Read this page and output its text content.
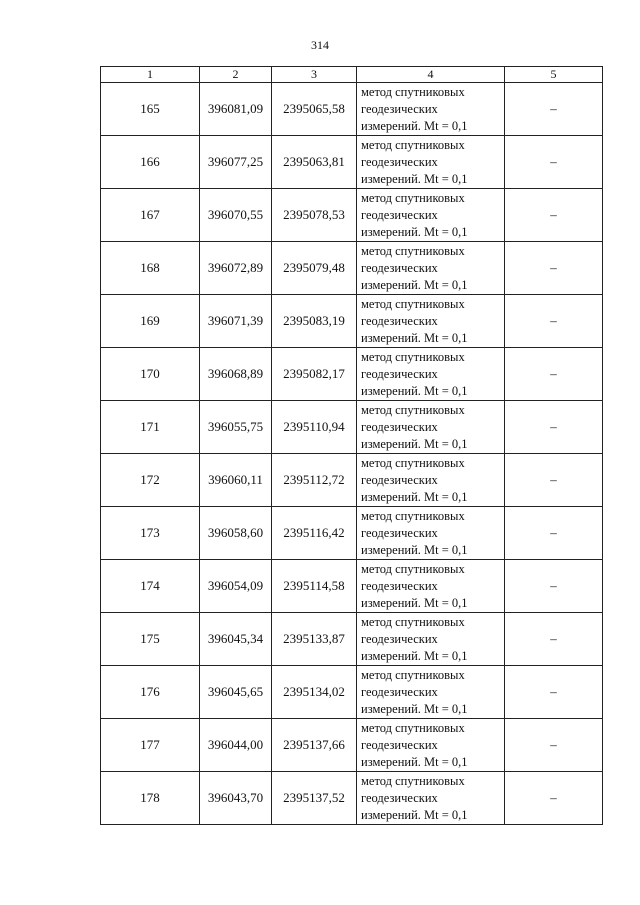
314
1	2	3	4	5
165	396081,09	2395065,58	метод спутниковых
геодезических
измерений. Mt = 0,1	–
166	396077,25	2395063,81	метод спутниковых
геодезических
измерений. Mt = 0,1	–
167	396070,55	2395078,53	метод спутниковых
геодезических
измерений. Mt = 0,1	–
168	396072,89	2395079,48	метод спутниковых
геодезических
измерений. Mt = 0,1	–
169	396071,39	2395083,19	метод спутниковых
геодезических
измерений. Mt = 0,1	–
170	396068,89	2395082,17	метод спутниковых
геодезических
измерений. Mt = 0,1	–
171	396055,75	2395110,94	метод спутниковых
геодезических
измерений. Mt = 0,1	–
172	396060,11	2395112,72	метод спутниковых
геодезических
измерений. Mt = 0,1	–
173	396058,60	2395116,42	метод спутниковых
геодезических
измерений. Mt = 0,1	–
174	396054,09	2395114,58	метод спутниковых
геодезических
измерений. Mt = 0,1	–
175	396045,34	2395133,87	метод спутниковых
геодезических
измерений. Mt = 0,1	–
176	396045,65	2395134,02	метод спутниковых
геодезических
измерений. Mt = 0,1	–
177	396044,00	2395137,66	метод спутниковых
геодезических
измерений. Mt = 0,1	–
178	396043,70	2395137,52	метод спутниковых
геодезических
измерений. Mt = 0,1	–
